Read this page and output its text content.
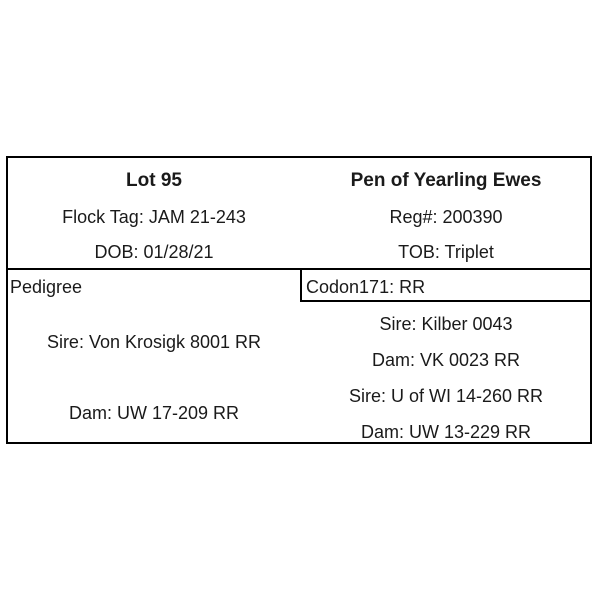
Lot 95
Flock Tag: JAM 21-243
DOB: 01/28/21
Pen of Yearling Ewes
Reg#: 200390
TOB: Triplet
Pedigree	Codon171: RR
Sire: Von Krosigk 8001 RR
Dam: UW 17-209 RR
Sire: Kilber 0043
Dam: VK 0023 RR
Sire: U of WI 14-260 RR
Dam: UW 13-229 RR
